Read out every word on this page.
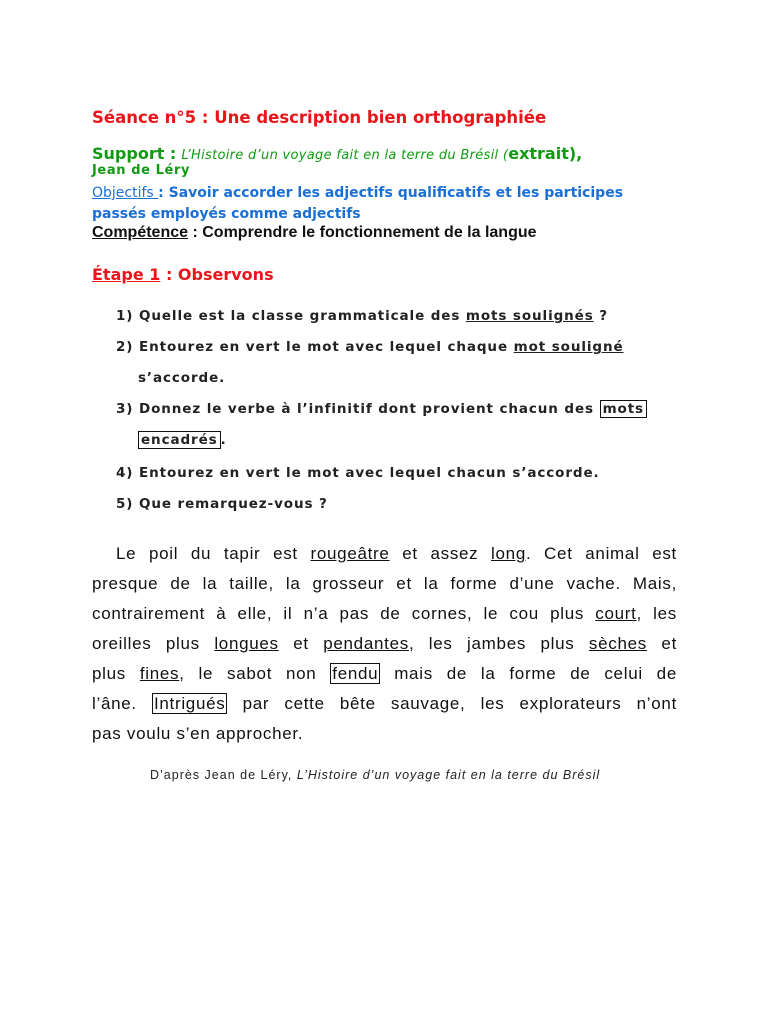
Séance n°5 : Une description bien orthographiée
Support : L’Histoire d’un voyage fait en la terre du Brésil (extrait),
Jean de Léry
Objectifs : Savoir accorder les adjectifs qualificatifs et les participes passés employés comme adjectifs
Compétence : Comprendre le fonctionnement de la langue
Étape 1 : Observons
1) Quelle est la classe grammaticale des mots soulignés ?
2) Entourez en vert le mot avec lequel chaque mot souligné
s’accorde.
3) Donnez le verbe à l’infinitif dont provient chacun des mots
encadrés .
4) Entourez en vert le mot avec lequel chacun s’accorde.
5) Que remarquez-vous ?
Le poil du tapir est rougeâtre et assez long. Cet animal est
presque de la taille, la grosseur et la forme d’une vache. Mais,
contrairement à elle, il n’a pas de cornes, le cou plus court, les
oreilles plus longues et pendantes, les jambes plus sèches et
plus fines, le sabot non fendu mais de la forme de celui de
l’âne. Intrigués par cette bête sauvage, les explorateurs n’ont
pas voulu s’en approcher.
D’après Jean de Léry, L’Histoire d’un voyage fait en la terre du Brésil
